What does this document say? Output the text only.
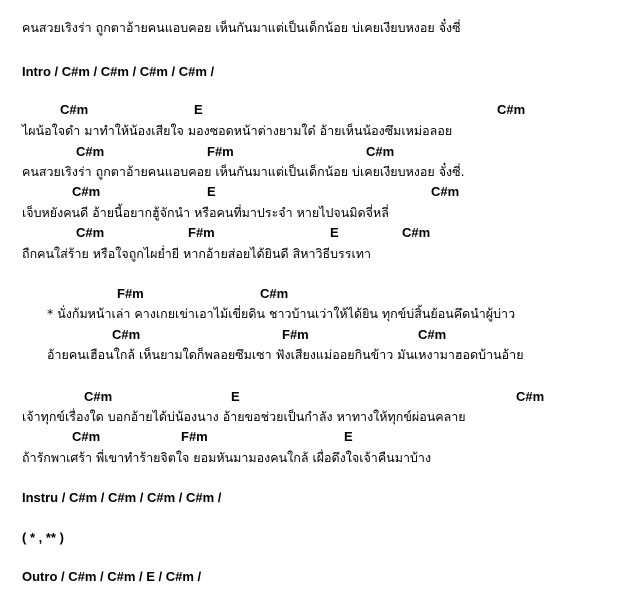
คนสวยเริงร่า ถูกตาอ้ายคนแอบคอย เห็นกันมาแต่เป็นเด็กน้อย บ่เคยเงียบหงอย จั๋งซี่
Intro / C#m / C#m / C#m / C#m /
C#m	E	C#m
ไผน้อใจดำ มาทำให้น้องเสียใจ มองซอดหน้าต่างยามใด๋ อ้ายเห็นน้องซึมเหม่อลอย
C#m	F#m	C#m
คนสวยเริงร่า ถูกตาอ้ายคนแอบคอย เห็นกันมาแต่เป็นเด็กน้อย บ่เคยเงียบหงอย จั๋งซี่.
C#m	E	C#m
เจ็บหยังคนดี อ้ายนี้อยากฮู้จักนำ หรือคนที่มาประจำ หายไปจนมิดจี่หลี่
C#m	F#m	E	C#m
ถืกคนใส่ร้าย หรือใจถูกไผย่ำยี หากอ้ายส่อยได้ยินดี สิหาวิธีบรรเทา
F#m	C#m
* นั่งก้มหน้าเล่า คางเกยเข่าเอาไม้เขี่ยดิน ชาวบ้านเว่าให้ได้ยิน ทุกข์บ่สิ้นย้อนคึดนำผู้บ่าว
C#m	F#m	C#m
อ้ายคนเฮือนใกล้ เห็นยามใดก็พลอยซึมเซา ฟังเสียงแม่ออยกินข้าว มันเหงามาฮอดบ้านอ้าย
C#m	E	C#m
เจ้าทุกข์เรื่องใด บอกอ้ายได้บ่น้องนาง อ้ายขอช่วยเป็นกำลัง หาทางให้ทุกข์ผ่อนคลาย
C#m	F#m	E
ถ้ารักพาเศร้า พี่เขาทำร้ายจิตใจ ยอมหันมามองคนใกล้ เผื่อดึงใจเจ้าคืนมาบ้าง
Instru / C#m / C#m / C#m / C#m /
( * , ** )
Outro / C#m / C#m / E / C#m /
